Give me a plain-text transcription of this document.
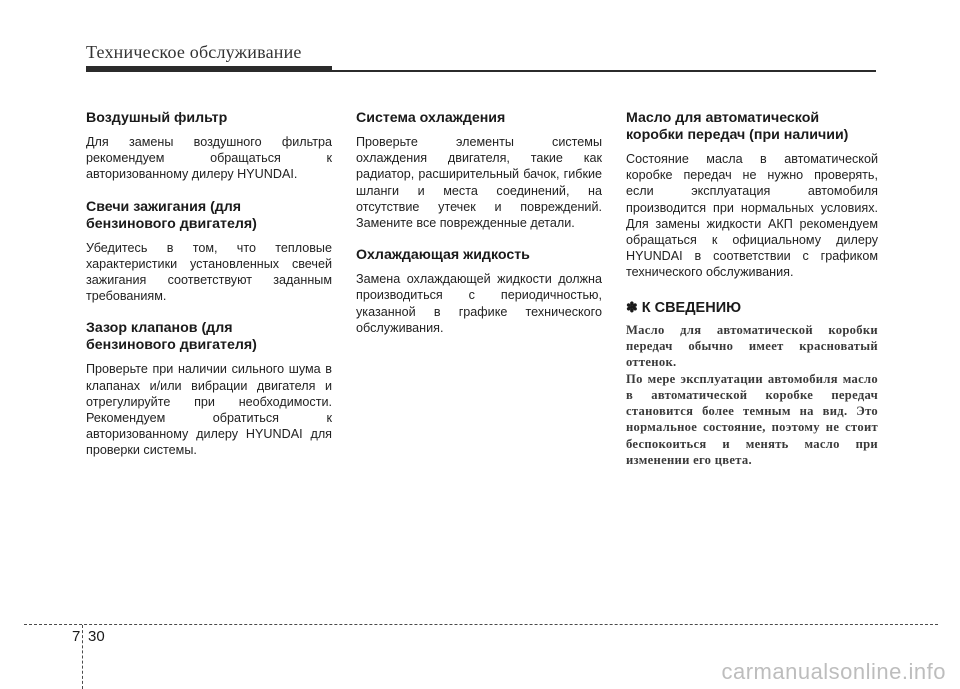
Техническое обслуживание
Воздушный фильтр

Для замены воздушного фильтра рекомендуем обращаться к авторизованному дилеру HYUNDAI.

Свечи зажигания (для бензинового двигателя)

Убедитесь в том, что тепловые характеристики установленных свечей зажигания соответствуют заданным требованиям.

Зазор клапанов (для бензинового двигателя)

Проверьте при наличии сильного шума в клапанах и/или вибрации двигателя и отрегулируйте при необходимости. Рекомендуем обратиться к авторизованному дилеру HYUNDAI для проверки системы.

Система охлаждения

Проверьте элементы системы охлаждения двигателя, такие как радиатор, расширительный бачок, гибкие шланги и места соединений, на отсутствие утечек и повреждений. Замените все поврежденные детали.

Охлаждающая жидкость

Замена охлаждающей жидкости должна производиться с периодичностью, указанной в графике технического обслуживания.

Масло для автоматической коробки передач (при наличии)

Состояние масла в автоматической коробке передач не нужно проверять, если эксплуатация автомобиля производится при нормальных условиях. Для замены жидкости АКП рекомендуем обращаться к официальному дилеру HYUNDAI в соответствии с графиком технического обслуживания.

✽ К СВЕДЕНИЮ

Масло для автоматической коробки передач обычно имеет красноватый оттенок.

По мере эксплуатации автомобиля масло в автоматической коробке передач становится более темным на вид. Это нормальное состояние, поэтому не стоит беспокоиться и менять масло при изменении его цвета.

7 30
carmanualsonline.info
